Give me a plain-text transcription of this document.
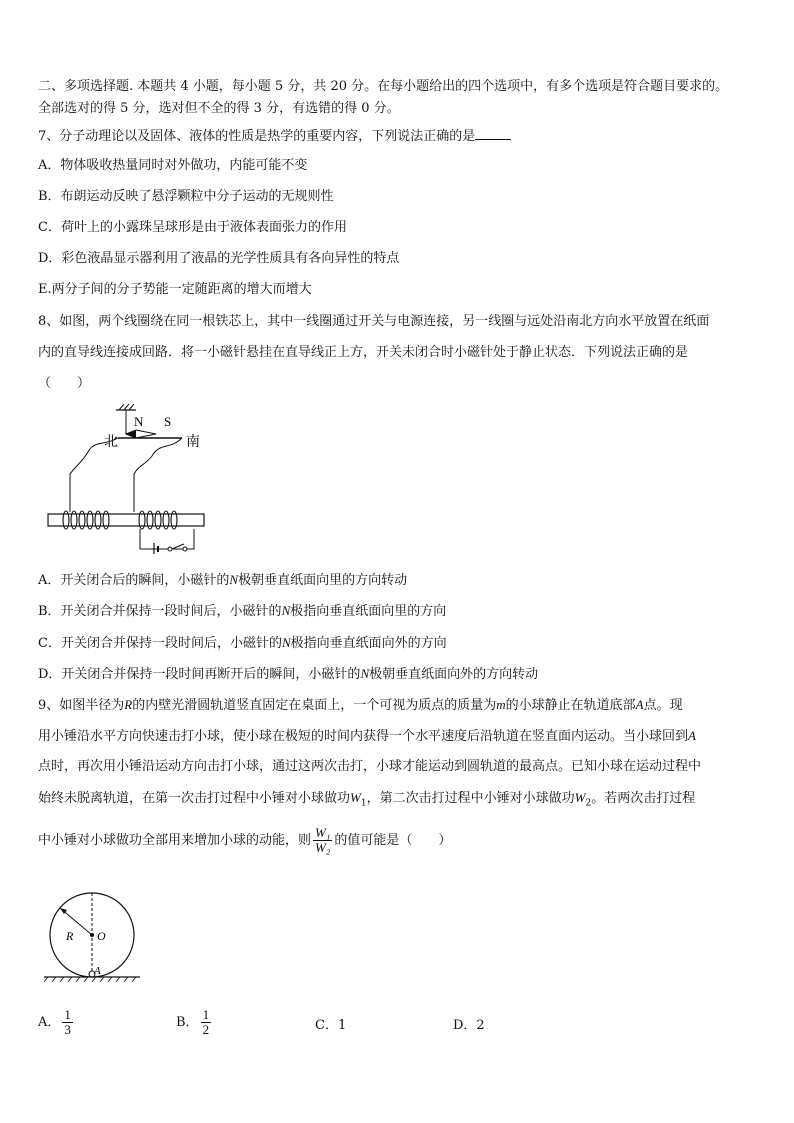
二、多项选择题. 本题共 4 小题，每小题 5 分，共 20 分。在每小题给出的四个选项中，有多个选项是符合题目要求的。
全部选对的得 5 分，选对但不全的得 3 分，有选错的得 0 分。
7、分子动理论以及固体、液体的性质是热学的重要内容，下列说法正确的是
A．物体吸收热量同时对外做功，内能可能不变
B．布朗运动反映了悬浮颗粒中分子运动的无规则性
C．荷叶上的小露珠呈球形是由于液体表面张力的作用
D．彩色液晶显示器利用了液晶的光学性质具有各向异性的特点
E.两分子间的分子势能一定随距离的增大而增大
8、如图，两个线圈绕在同一根铁芯上，其中一线圈通过开关与电源连接，另一线圈与远处沿南北方向水平放置在纸面
内的直导线连接成回路．将一小磁针悬挂在直导线正上方，开关未闭合时小磁针处于静止状态．下列说法正确的是
（　　）
N S
北	南
A．开关闭合后的瞬间，小磁针的N极朝垂直纸面向里的方向转动
B．开关闭合并保持一段时间后，小磁针的N极指向垂直纸面向里的方向
C．开关闭合并保持一段时间后，小磁针的N极指向垂直纸面向外的方向
D．开关闭合并保持一段时间再断开后的瞬间，小磁针的N极朝垂直纸面向外的方向转动
9、如图半径为R的内壁光滑圆轨道竖直固定在桌面上，一个可视为质点的质量为m的小球静止在轨道底部A点。现
用小锤沿水平方向快速击打小球，使小球在极短的时间内获得一个水平速度后沿轨道在竖直面内运动。当小球回到A
点时，再次用小锤沿运动方向击打小球，通过这两次击打，小球才能运动到圆轨道的最高点。已知小球在运动过程中
始终未脱离轨道，在第一次击打过程中小锤对小球做功$W_1$，第二次击打过程中小锤对小球做功$W_2$。若两次击打过程
中小锤对小球做功全部用来增加小球的动能，则 $\frac{\text{W₁}}{\text{W₂}}$ 的值可能是（　　）
R O
A
A． $\frac{1}{3}$	B． $\frac{1}{2}$	C．1	D．2
